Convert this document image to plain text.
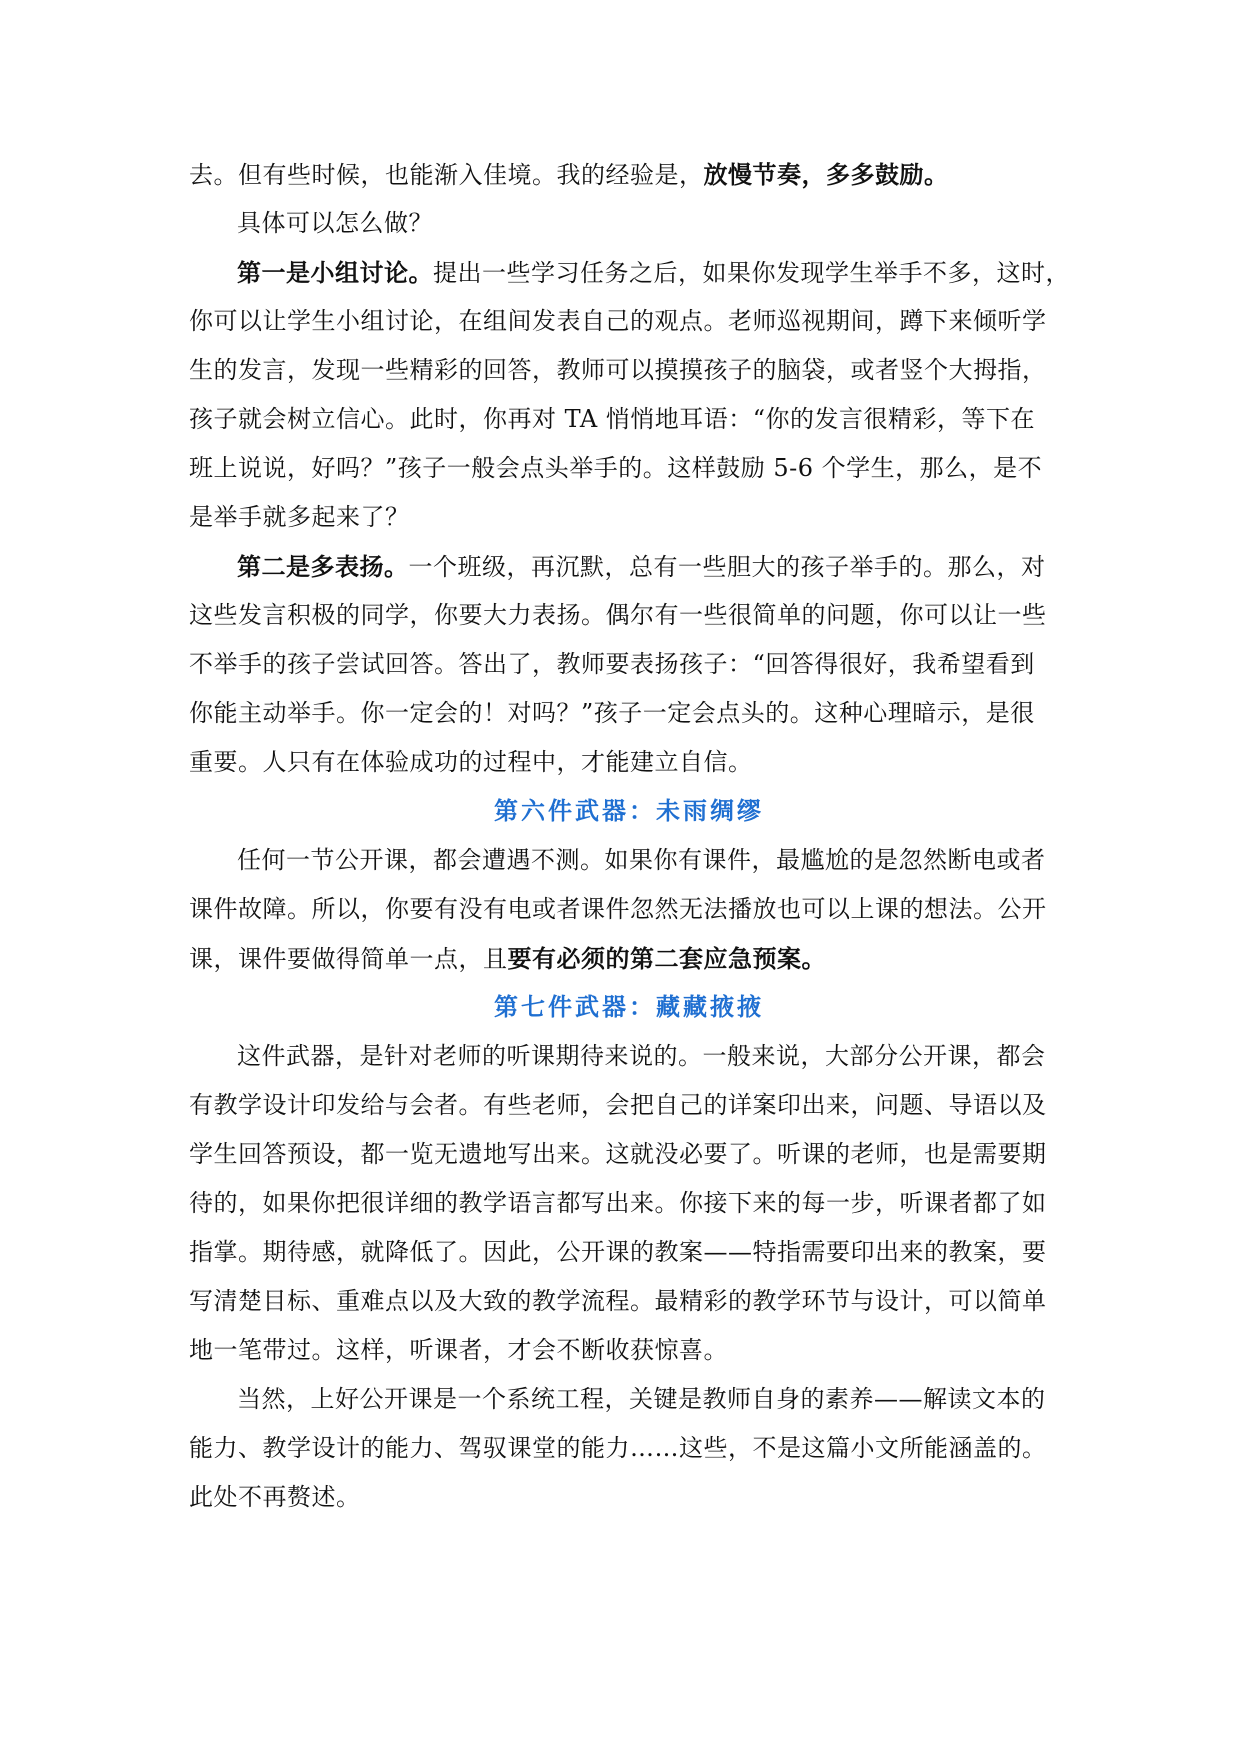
去。但有些时候，也能渐入佳境。我的经验是，放慢节奏，多多鼓励。
具体可以怎么做？
第一是小组讨论。提出一些学习任务之后，如果你发现学生举手不多，这时，
你可以让学生小组讨论，在组间发表自己的观点。老师巡视期间，蹲下来倾听学
生的发言，发现一些精彩的回答，教师可以摸摸孩子的脑袋，或者竖个大拇指，
孩子就会树立信心。此时，你再对 TA 悄悄地耳语：“你的发言很精彩，等下在
班上说说，好吗？”孩子一般会点头举手的。这样鼓励 5-6 个学生，那么，是不
是举手就多起来了？
第二是多表扬。一个班级，再沉默，总有一些胆大的孩子举手的。那么，对
这些发言积极的同学，你要大力表扬。偶尔有一些很简单的问题，你可以让一些
不举手的孩子尝试回答。答出了，教师要表扬孩子：“回答得很好，我希望看到
你能主动举手。你一定会的！对吗？”孩子一定会点头的。这种心理暗示，是很
重要。人只有在体验成功的过程中，才能建立自信。
第六件武器：未雨绸缪
任何一节公开课，都会遭遇不测。如果你有课件，最尴尬的是忽然断电或者
课件故障。所以，你要有没有电或者课件忽然无法播放也可以上课的想法。公开
课，课件要做得简单一点，且要有必须的第二套应急预案。
第七件武器：藏藏掖掖
这件武器，是针对老师的听课期待来说的。一般来说，大部分公开课，都会
有教学设计印发给与会者。有些老师，会把自己的详案印出来，问题、导语以及
学生回答预设，都一览无遗地写出来。这就没必要了。听课的老师，也是需要期
待的，如果你把很详细的教学语言都写出来。你接下来的每一步，听课者都了如
指掌。期待感，就降低了。因此，公开课的教案——特指需要印出来的教案，要
写清楚目标、重难点以及大致的教学流程。最精彩的教学环节与设计，可以简单
地一笔带过。这样，听课者，才会不断收获惊喜。
当然，上好公开课是一个系统工程，关键是教师自身的素养——解读文本的
能力、教学设计的能力、驾驭课堂的能力……这些，不是这篇小文所能涵盖的。
此处不再赘述。
